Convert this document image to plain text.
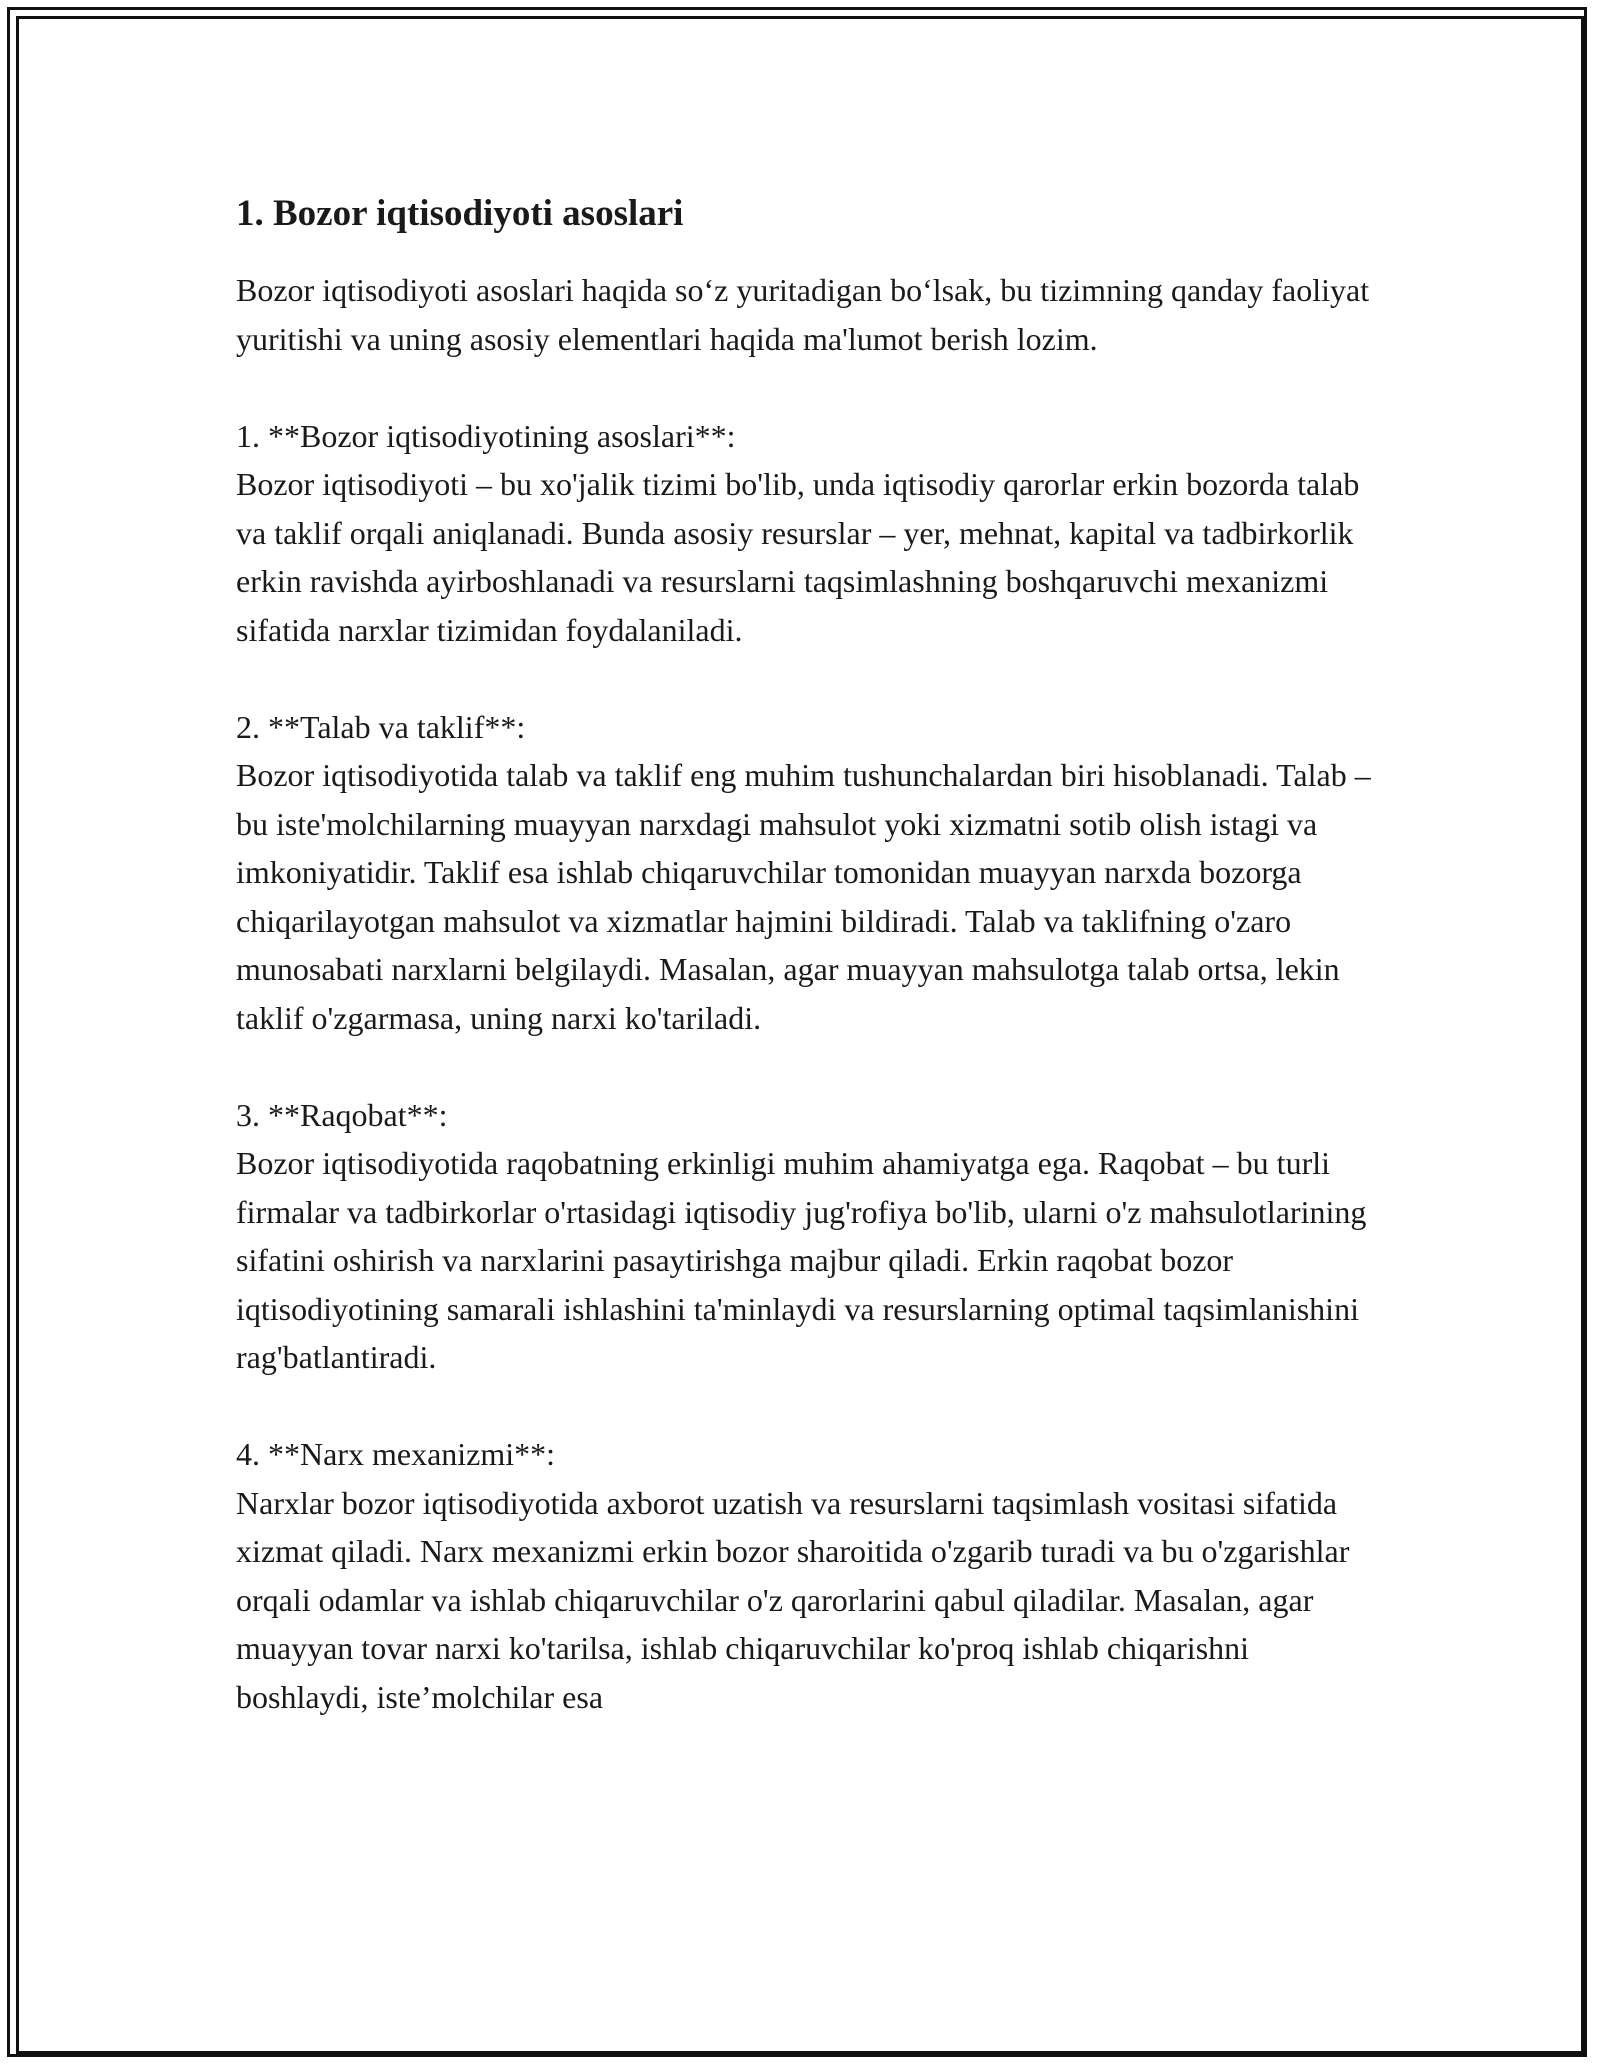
1. Bozor iqtisodiyoti asoslari

Bozor iqtisodiyoti asoslari haqida so‘z yuritadigan bo‘lsak, bu tizimning qanday faoliyat yuritishi va uning asosiy elementlari haqida ma'lumot berish lozim.

1. **Bozor iqtisodiyotining asoslari**:

Bozor iqtisodiyoti – bu xo'jalik tizimi bo'lib, unda iqtisodiy qarorlar erkin bozorda talab va taklif orqali aniqlanadi. Bunda asosiy resurslar – yer, mehnat, kapital va tadbirkorlik erkin ravishda ayirboshlanadi va resurslarni taqsimlashning boshqaruvchi mexanizmi sifatida narxlar tizimidan foydalaniladi.

2. **Talab va taklif**:

Bozor iqtisodiyotida talab va taklif eng muhim tushunchalardan biri hisoblanadi. Talab – bu iste'molchilarning muayyan narxdagi mahsulot yoki xizmatni sotib olish istagi va imkoniyatidir. Taklif esa ishlab chiqaruvchilar tomonidan muayyan narxda bozorga chiqarilayotgan mahsulot va xizmatlar hajmini bildiradi. Talab va taklifning o'zaro munosabati narxlarni belgilaydi. Masalan, agar muayyan mahsulotga talab ortsa, lekin taklif o'zgarmasa, uning narxi ko'tariladi.

3. **Raqobat**:

Bozor iqtisodiyotida raqobatning erkinligi muhim ahamiyatga ega. Raqobat – bu turli firmalar va tadbirkorlar o'rtasidagi iqtisodiy jug'rofiya bo'lib, ularni o'z mahsulotlarining sifatini oshirish va narxlarini pasaytirishga majbur qiladi. Erkin raqobat bozor iqtisodiyotining samarali ishlashini ta'minlaydi va resurslarning optimal taqsimlanishini rag'batlantiradi.

4. **Narx mexanizmi**:

Narxlar bozor iqtisodiyotida axborot uzatish va resurslarni taqsimlash vositasi sifatida xizmat qiladi. Narx mexanizmi erkin bozor sharoitida o'zgarib turadi va bu o'zgarishlar orqali odamlar va ishlab chiqaruvchilar o'z qarorlarini qabul qiladilar. Masalan, agar muayyan tovar narxi ko'tarilsa, ishlab chiqaruvchilar ko'proq ishlab chiqarishni boshlaydi, iste’molchilar esa
